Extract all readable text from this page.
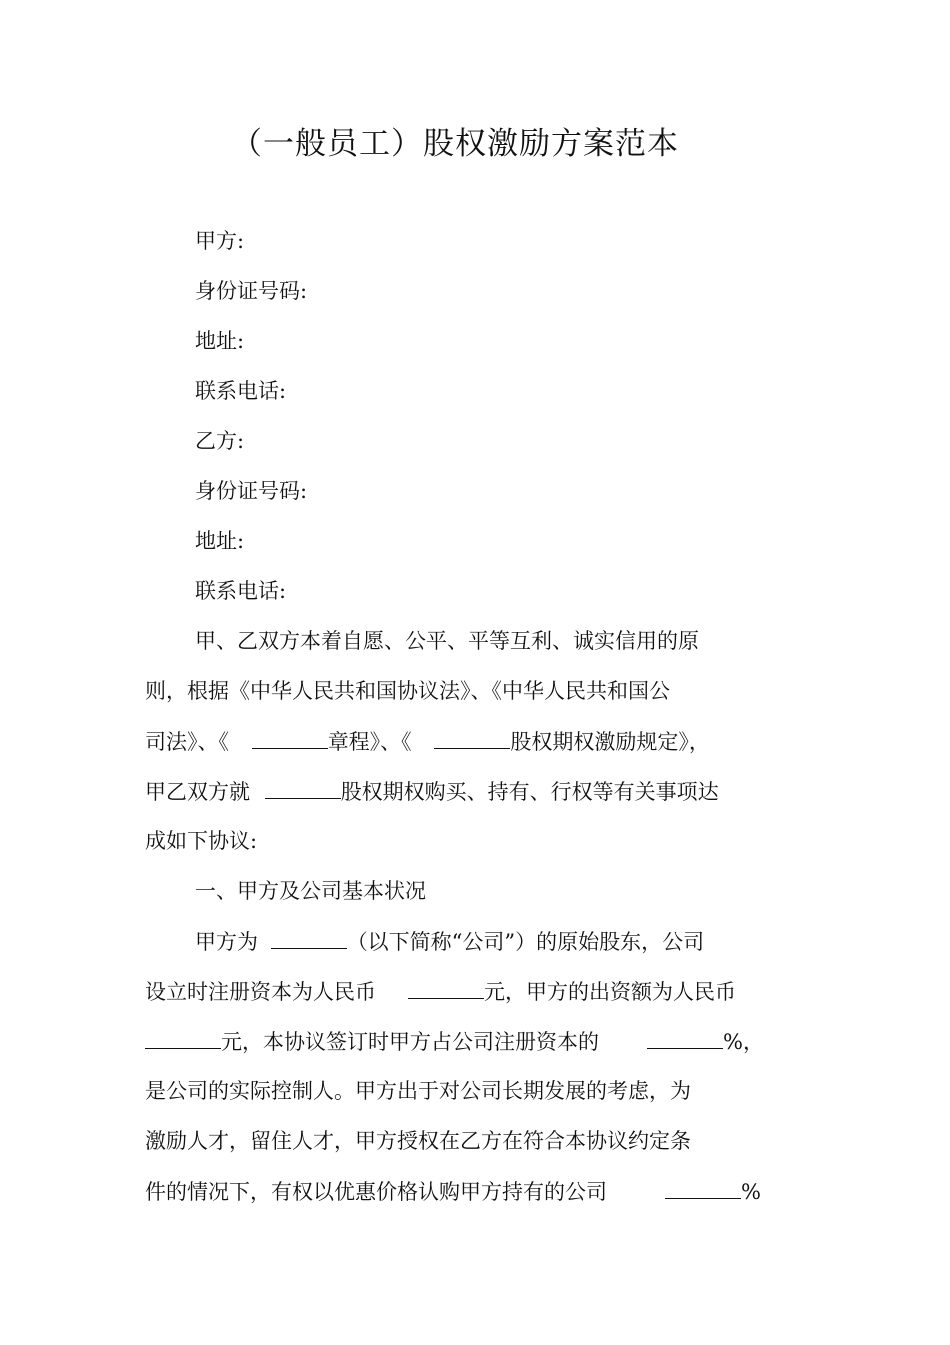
（一般员工）股权激励方案范本
甲方:
身份证号码:
地址:
联系电话:
乙方:
身份证号码:
地址:
联系电话:
甲、乙双方本着自愿、公平、平等互利、诚实信用的原
则，根据《中华人民共和国协议法》、《中华人民共和国公
司法》、《	章程》、《	股权期权激励规定》，
甲乙双方就	股权期权购买、持有、行权等有关事项达
成如下协议:
一、甲方及公司基本状况
甲方为	（以下简称“公司”）的原始股东，公司
设立时注册资本为人民币	元，甲方的出资额为人民币
元，本协议签订时甲方占公司注册资本的	%，
是公司的实际控制人。甲方出于对公司长期发展的考虑，为
激励人才，留住人才，甲方授权在乙方在符合本协议约定条
件的情况下，有权以优惠价格认购甲方持有的公司	%
